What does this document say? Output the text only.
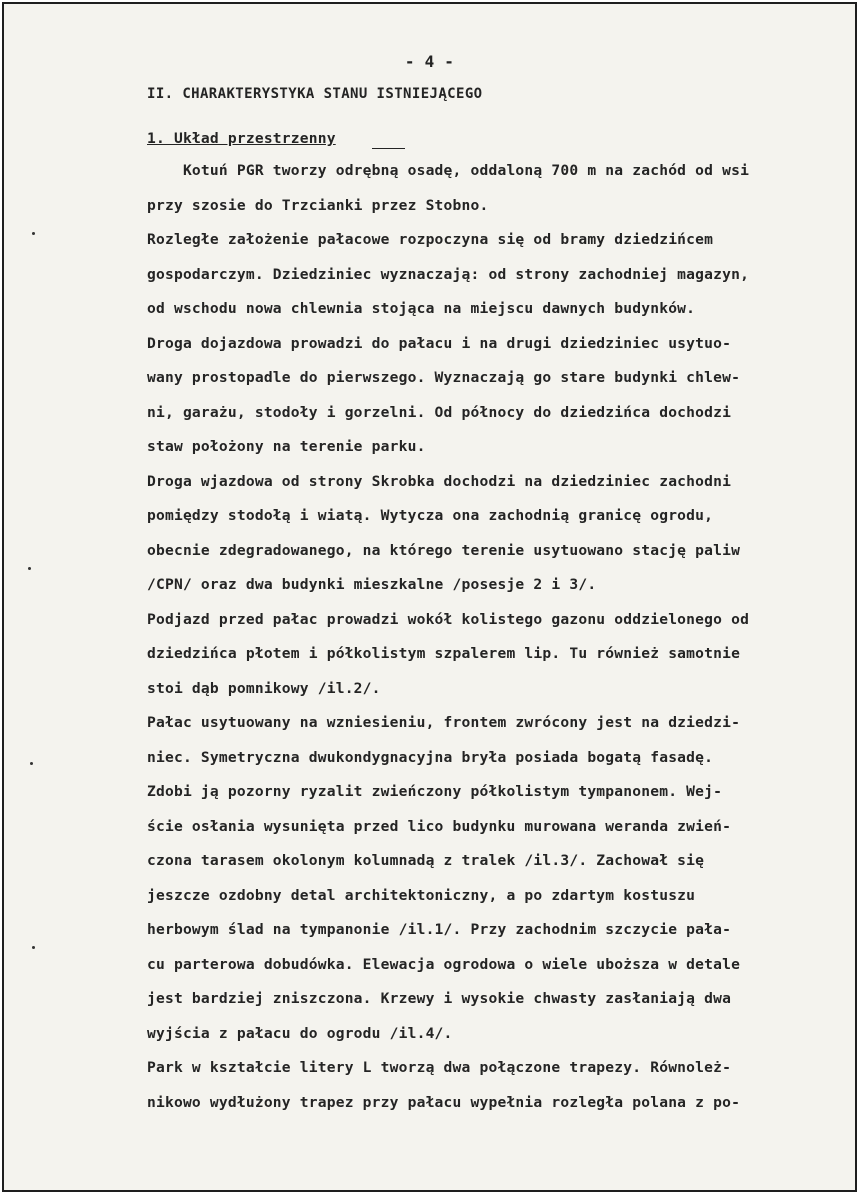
- 4 -
II. CHARAKTERYSTYKA STANU ISTNIEJĄCEGO
1. Układ przestrzenny
Kotuń PGR tworzy odrębną osadę, oddaloną 700 m na zachód od wsi
przy szosie do Trzcianki przez Stobno.
Rozległe założenie pałacowe rozpoczyna się od bramy dziedzińcem
gospodarczym. Dziedziniec wyznaczają: od strony zachodniej magazyn,
od wschodu nowa chlewnia stojąca na miejscu dawnych budynków.
Droga dojazdowa prowadzi do pałacu i na drugi dziedziniec usytuo-
wany prostopadle do pierwszego. Wyznaczają go stare budynki chlew-
ni, garażu, stodoły i gorzelni. Od północy do dziedzińca dochodzi
staw położony na terenie parku.
Droga wjazdowa od strony Skrobka dochodzi na dziedziniec zachodni
pomiędzy stodołą i wiatą. Wytycza ona zachodnią granicę ogrodu,
obecnie zdegradowanego, na którego terenie usytuowano stację paliw
/CPN/ oraz dwa budynki mieszkalne /posesje 2 i 3/.
Podjazd przed pałac prowadzi wokół kolistego gazonu oddzielonego od
dziedzińca płotem i półkolistym szpalerem lip. Tu również samotnie
stoi dąb pomnikowy /il.2/.
Pałac usytuowany na wzniesieniu, frontem zwrócony jest na dziedzi-
niec. Symetryczna dwukondygnacyjna bryła posiada bogatą fasadę.
Zdobi ją pozorny ryzalit zwieńczony półkolistym tympanonem. Wej-
ście osłania wysunięta przed lico budynku murowana weranda zwień-
czona tarasem okolonym kolumnadą z tralek /il.3/. Zachował się
jeszcze ozdobny detal architektoniczny, a po zdartym kostuszu
herbowym ślad na tympanonie /il.1/. Przy zachodnim szczycie pała-
cu parterowa dobudówka. Elewacja ogrodowa o wiele uboższa w detale
jest bardziej zniszczona. Krzewy i wysokie chwasty zasłaniają dwa
wyjścia z pałacu do ogrodu /il.4/.
Park w kształcie litery L tworzą dwa połączone trapezy. Równoleż-
nikowo wydłużony trapez przy pałacu wypełnia rozległa polana z po-
